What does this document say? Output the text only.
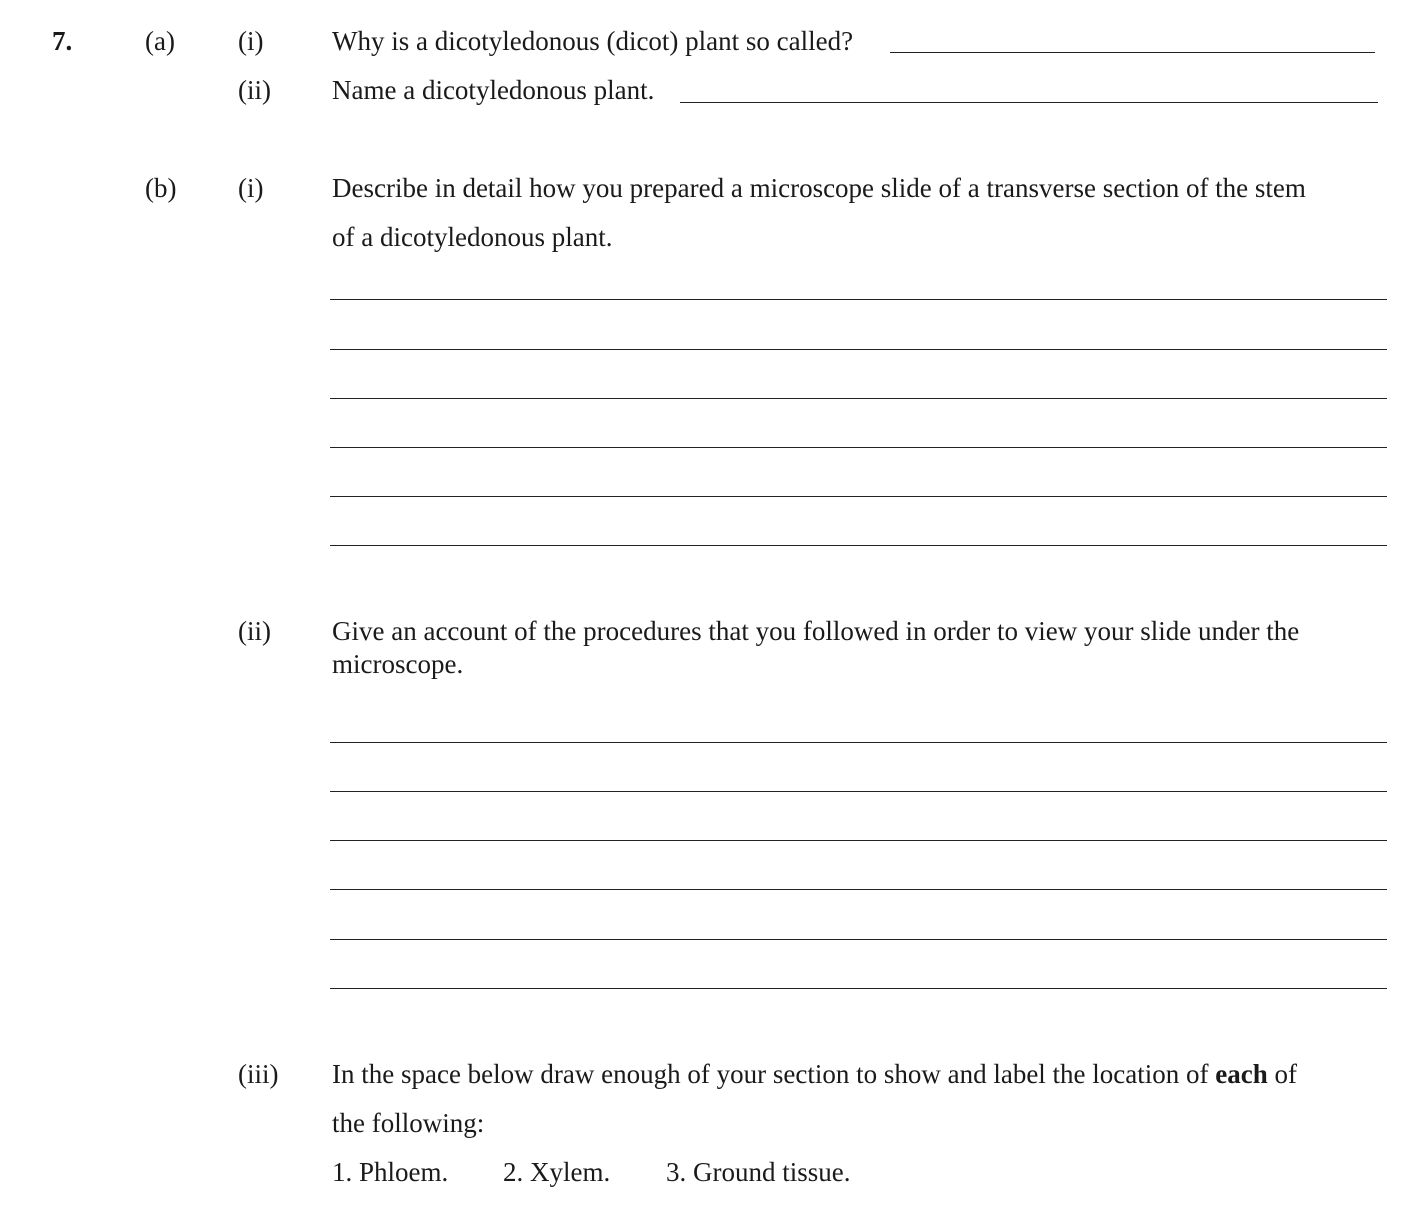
7.	(a) (i)	Why is a dicotyledonous (dicot) plant so called?
(ii) Name a dicotyledonous plant.
(b) (i)	Describe in detail how you prepared a microscope slide of a transverse section of the stem
of a dicotyledonous plant.
(ii) Give an account of the procedures that you followed in order to view your slide under the
microscope.
(iii) In the space below draw enough of your section to show and label the location of each of
the following:
1. Phloem. 2. Xylem. 3. Ground tissue.
